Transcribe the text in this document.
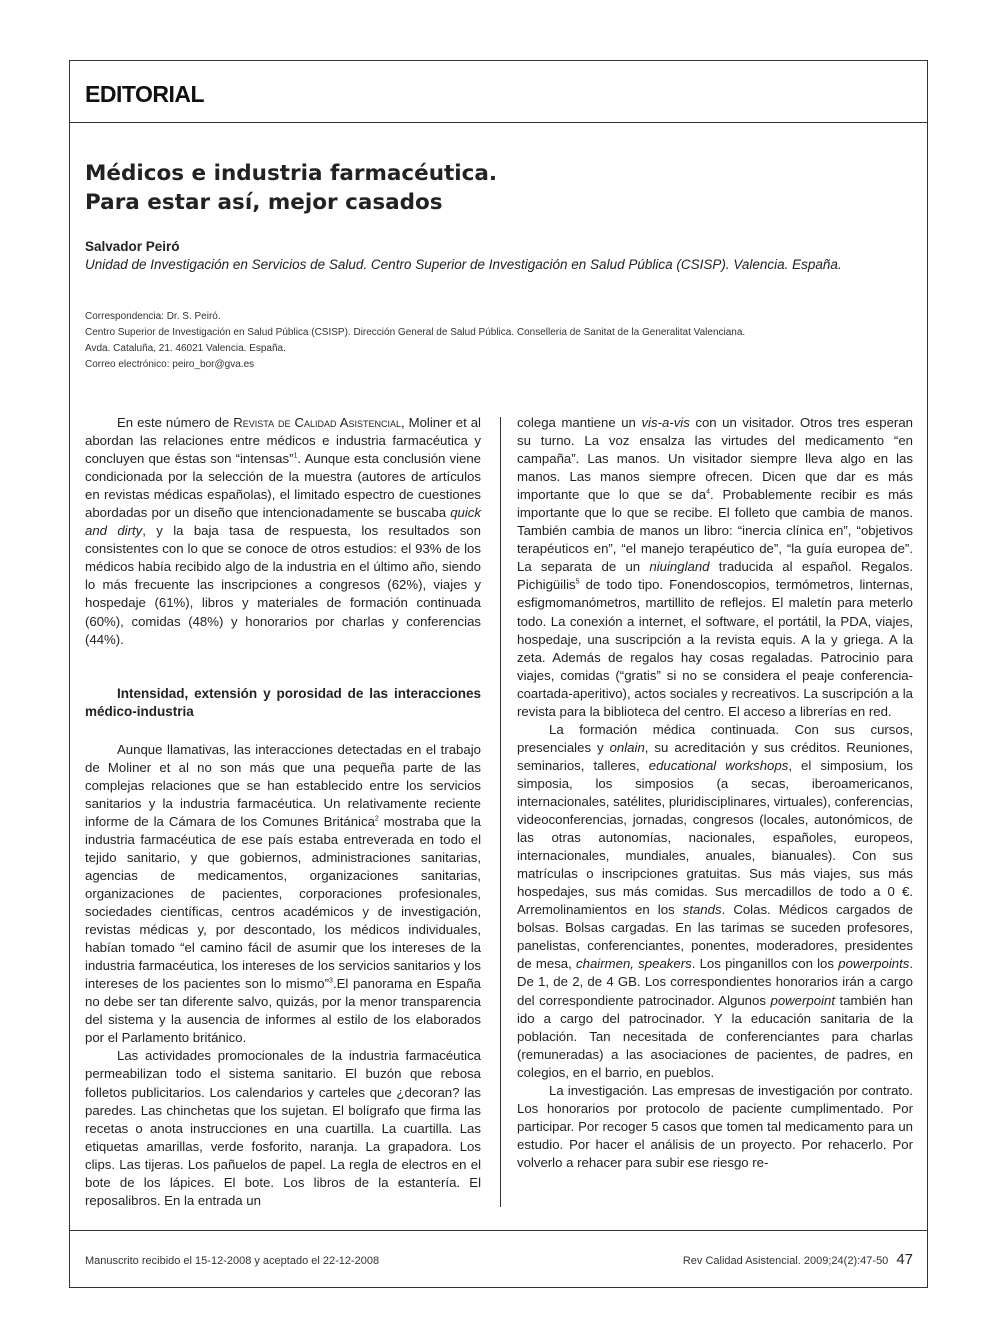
EDITORIAL
Médicos e industria farmacéutica.
Para estar así, mejor casados

Salvador Peiró

Unidad de Investigación en Servicios de Salud. Centro Superior de Investigación en Salud Pública (CSISP). Valencia. España.

Correspondencia: Dr. S. Peiró.
Centro Superior de Investigación en Salud Pública (CSISP). Dirección General de Salud Pública. Conselleria de Sanitat de la Generalitat Valenciana.
Avda. Cataluña, 21. 46021 Valencia. España.
Correo electrónico: peiro_bor@gva.es

En este número de Revista de Calidad Asistencial, Moliner et al abordan las relaciones entre médicos e industria farmacéutica y concluyen que éstas son “intensas”$^1$. Aunque esta conclusión viene condicionada por la selección de la muestra (autores de artículos en revistas médicas españolas), el limitado espectro de cuestiones abordadas por un diseño que intencionadamente se buscaba quick and dirty, y la baja tasa de respuesta, los resultados son consistentes con lo que se conoce de otros estudios: el 93% de los médicos había recibido algo de la industria en el último año, siendo lo más frecuente las inscripciones a congresos (62%), viajes y hospedaje (61%), libros y materiales de formación continuada (60%), comidas (48%) y honorarios por charlas y conferencias (44%).

Intensidad, extensión y porosidad de las interacciones médico-industria

Aunque llamativas, las interacciones detectadas en el trabajo de Moliner et al no son más que una pequeña parte de las complejas relaciones que se han establecido entre los servicios sanitarios y la industria farmacéutica. Un relativamente reciente informe de la Cámara de los Comunes Británica$^2$ mostraba que la industria farmacéutica de ese país estaba entreverada en todo el tejido sanitario, y que gobiernos, administraciones sanitarias, agencias de medicamentos, organizaciones sanitarias, organizaciones de pacientes, corporaciones profesionales, sociedades científicas, centros académicos y de investigación, revistas médicas y, por descontado, los médicos individuales, habían tomado “el camino fácil de asumir que los intereses de la industria farmacéutica, los intereses de los servicios sanitarios y los intereses de los pacientes son lo mismo”$^3$.El panorama en España no debe ser tan diferente salvo, quizás, por la menor transparencia del sistema y la ausencia de informes al estilo de los elaborados por el Parlamento británico.

Las actividades promocionales de la industria farmacéutica permeabilizan todo el sistema sanitario. El buzón que rebosa folletos publicitarios. Los calendarios y carteles que ¿decoran? las paredes. Las chinchetas que los sujetan. El bolígrafo que firma las recetas o anota instrucciones en una cuartilla. La cuartilla. Las etiquetas amarillas, verde fosforito, naranja. La grapadora. Los clips. Las tijeras. Los pañuelos de papel. La regla de electros en el bote de los lápices. El bote. Los libros de la estantería. El reposalibros. En la entrada un

colega mantiene un vis-a-vis con un visitador. Otros tres esperan su turno. La voz ensalza las virtudes del medicamento “en campaña”. Las manos. Un visitador siempre lleva algo en las manos. Las manos siempre ofrecen. Dicen que dar es más importante que lo que se $da^4$. Probablemente recibir es más importante que lo que se recibe. El folleto que cambia de manos. También cambia de manos un libro: “inercia clínica en”, “objetivos terapéuticos en”, “el manejo terapéutico de”, “la guía europea de”. La separata de un niuingland traducida al español. Regalos. Pichigüilis$^5$ de todo tipo. Fonendoscopios, termómetros, linternas, esfigmomanómetros, martillito de reflejos. El maletín para meterlo todo. La conexión a internet, el software, el portátil, la PDA, viajes, hospedaje, una suscripción a la revista equis. A la y griega. A la zeta. Además de regalos hay cosas regaladas. Patrocinio para viajes, comidas (“gratis” si no se considera el peaje conferencia-coartada-aperitivo), actos sociales y recreativos. La suscripción a la revista para la biblioteca del centro. El acceso a librerías en red.

La formación médica continuada. Con sus cursos, presenciales y onlain, su acreditación y sus créditos. Reuniones, seminarios, talleres, educational workshops, el simposium, los simposia, los simposios (a secas, iberoamericanos, internacionales, satélites, pluridisciplinares, virtuales), conferencias, videoconferencias, jornadas, congresos (locales, autonómicos, de las otras autonomías, nacionales, españoles, europeos, internacionales, mundiales, anuales, bianuales). Con sus matrículas o inscripciones gratuitas. Sus más viajes, sus más hospedajes, sus más comidas. Sus mercadillos de todo a 0 €. Arremolinamientos en los stands. Colas. Médicos cargados de bolsas. Bolsas cargadas. En las tarimas se suceden profesores, panelistas, conferenciantes, ponentes, moderadores, presidentes de mesa, chairmen, speakers. Los pinganillos con los powerpoints. De 1, de 2, de 4 GB. Los correspondientes honorarios irán a cargo del correspondiente patrocinador. Algunos powerpoint también han ido a cargo del patrocinador. Y la educación sanitaria de la población. Tan necesitada de conferenciantes para charlas (remuneradas) a las asociaciones de pacientes, de padres, en colegios, en el barrio, en pueblos.

La investigación. Las empresas de investigación por contrato. Los honorarios por protocolo de paciente cumplimentado. Por participar. Por recoger 5 casos que tomen tal medicamento para un estudio. Por hacer el análisis de un proyecto. Por rehacerlo. Por volverlo a rehacer para subir ese riesgo re-

Manuscrito recibido el 15-12-2008 y aceptado el 22-12-2008	Rev Calidad Asistencial. 2009;24(2):47-50 47
